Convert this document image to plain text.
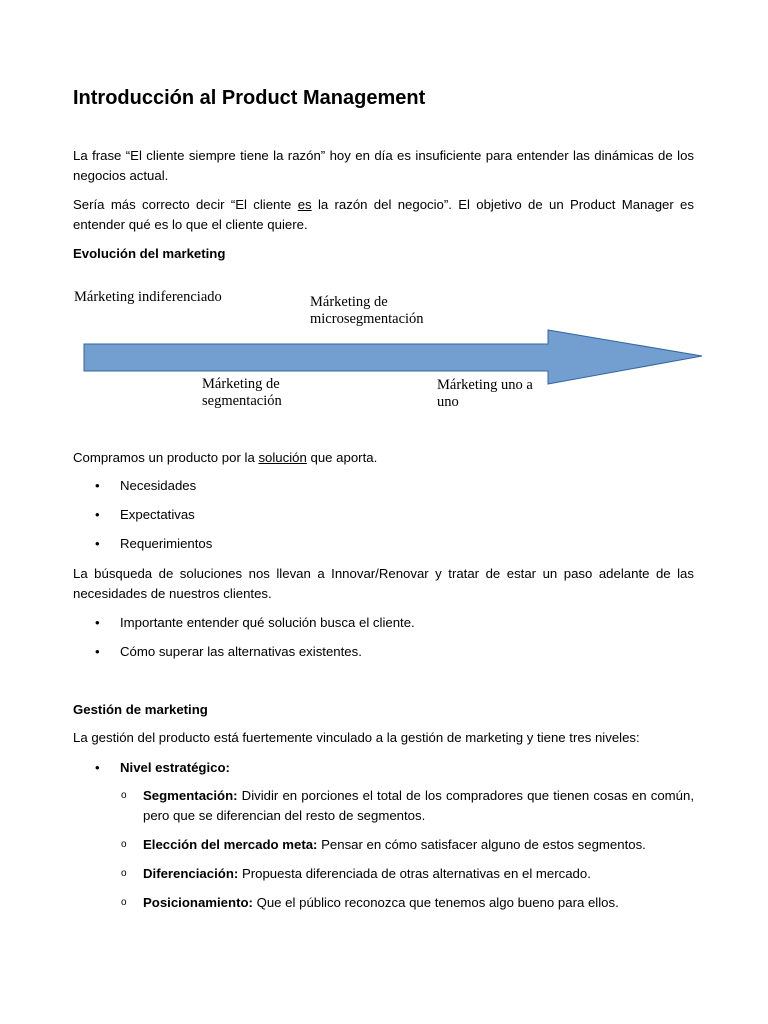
Introducción al Product Management

La frase “El cliente siempre tiene la razón” hoy en día es insuficiente para entender las dinámicas de los negocios actual.

Sería más correcto decir “El cliente es la razón del negocio”. El objetivo de un Product Manager es entender qué es lo que el cliente quiere.

Evolución del marketing

Márketing indiferenciado	Márketing de microsegmentación

Márketing de segmentación

Márketing uno a uno

Compramos un producto por la solución que aporta.

• Necesidades

• Expectativas

• Requerimientos

La búsqueda de soluciones nos llevan a Innovar/Renovar y tratar de estar un paso adelante de las necesidades de nuestros clientes.

• Importante entender qué solución busca el cliente.

• Cómo superar las alternativas existentes.

Gestión de marketing

La gestión del producto está fuertemente vinculado a la gestión de marketing y tiene tres niveles:

• Nivel estratégico:

o Segmentación: Dividir en porciones el total de los compradores que tienen cosas en común, pero que se diferencian del resto de segmentos.
o Elección del mercado meta: Pensar en cómo satisfacer alguno de estos segmentos.
o Diferenciación: Propuesta diferenciada de otras alternativas en el mercado.
o Posicionamiento: Que el público reconozca que tenemos algo bueno para ellos.
